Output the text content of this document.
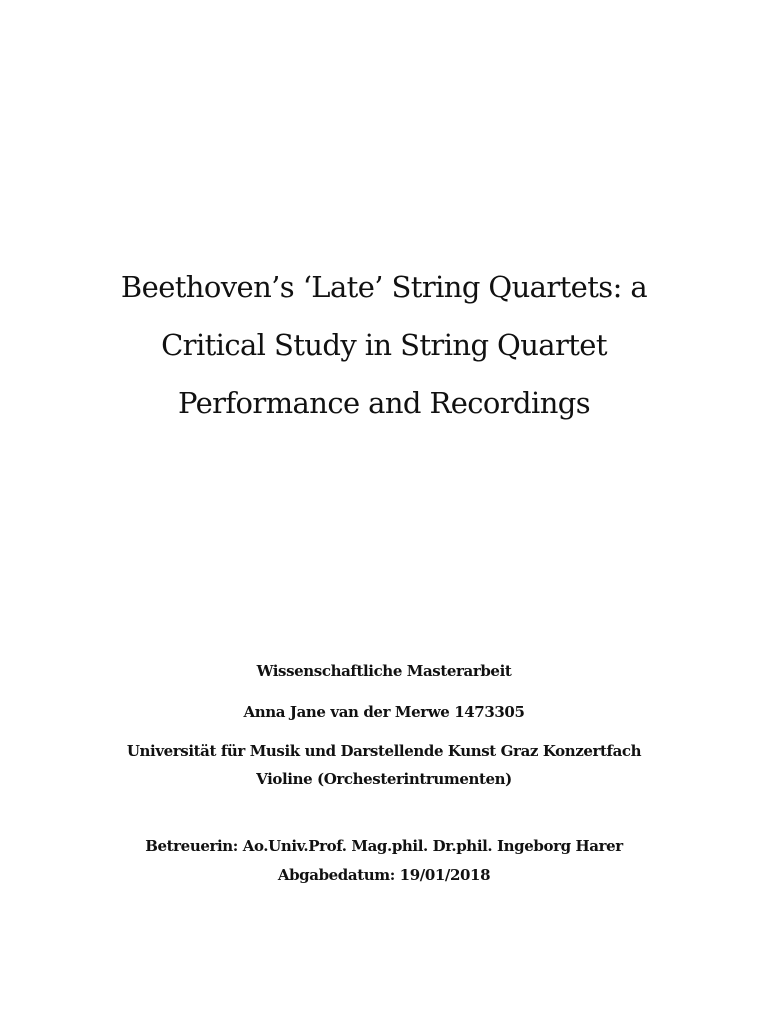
Beethoven’s ‘Late’ String Quartets: a
Critical Study in String Quartet
Performance and Recordings
Wissenschaftliche Masterarbeit
Anna Jane van der Merwe 1473305
Universität für Musik und Darstellende Kunst Graz Konzertfach
Violine (Orchesterintrumenten)
Betreuerin: Ao.Univ.Prof. Mag.phil. Dr.phil. Ingeborg Harer
Abgabedatum: 19/01/2018
